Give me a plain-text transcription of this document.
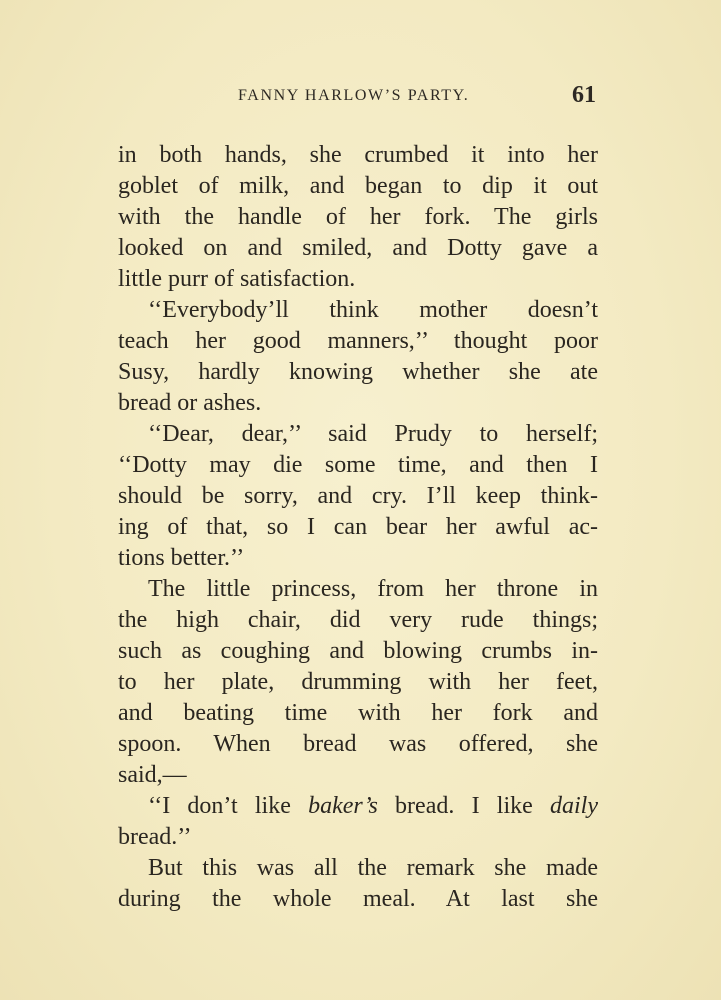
FANNY HARLOW’S PARTY.	61
in both hands, she crumbed it into her
goblet of milk, and began to dip it out
with the handle of her fork. The girls
looked on and smiled, and Dotty gave a
little purr of satisfaction.
‘‘Everybody’ll think mother doesn’t
teach her good manners,’’ thought poor
Susy, hardly knowing whether she ate
bread or ashes.
‘‘Dear, dear,’’ said Prudy to herself;
‘‘Dotty may die some time, and then I
should be sorry, and cry. I’ll keep think-
ing of that, so I can bear her awful ac-
tions better.’’
The little princess, from her throne in
the high chair, did very rude things;
such as coughing and blowing crumbs in-
to her plate, drumming with her feet,
and beating time with her fork and
spoon. When bread was offered, she
said,—
‘‘I don’t like baker’s bread. I like daily
bread.’’
But this was all the remark she made
during the whole meal. At last she
